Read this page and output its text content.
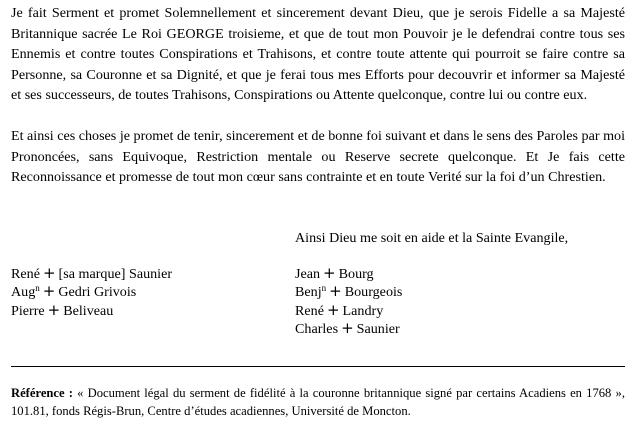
Je fait Serment et promet Solemnellement et sincerement devant Dieu, que je serois Fidelle a sa Majesté Britannique sacrée Le Roi GEORGE troisieme, et que de tout mon Pouvoir je le defendrai contre tous ses Ennemis et contre toutes Conspirations et Trahisons, et contre toute attente qui pourroit se faire contre sa Personne, sa Couronne et sa Dignité, et que je ferai tous mes Efforts pour decouvrir et informer sa Majesté et ses successeurs, de toutes Trahisons, Conspirations ou Attente quelconque, contre lui ou contre eux.

Et ainsi ces choses je promet de tenir, sincerement et de bonne foi suivant et dans le sens des Paroles par moi Prononcées, sans Equivoque, Restriction mentale ou Reserve secrete quelconque. Et Je fais cette Reconnoissance et promesse de tout mon cœur sans contrainte et en toute Verité sur la foi d’un Chrestien.

Ainsi Dieu me soit en aide et la Sainte Evangile,
René + [sa marque] Saunier
Aug$^n$ + Gedri Grivois
Pierre + Beliveau
Jean + Bourg
Benj$^n$ + Bourgeois
René + Landry
Charles + Saunier

Référence : « Document légal du serment de fidélité à la couronne britannique signé par certains Acadiens en 1768 », 101.81, fonds Régis-Brun, Centre d’études acadiennes, Université de Moncton.
